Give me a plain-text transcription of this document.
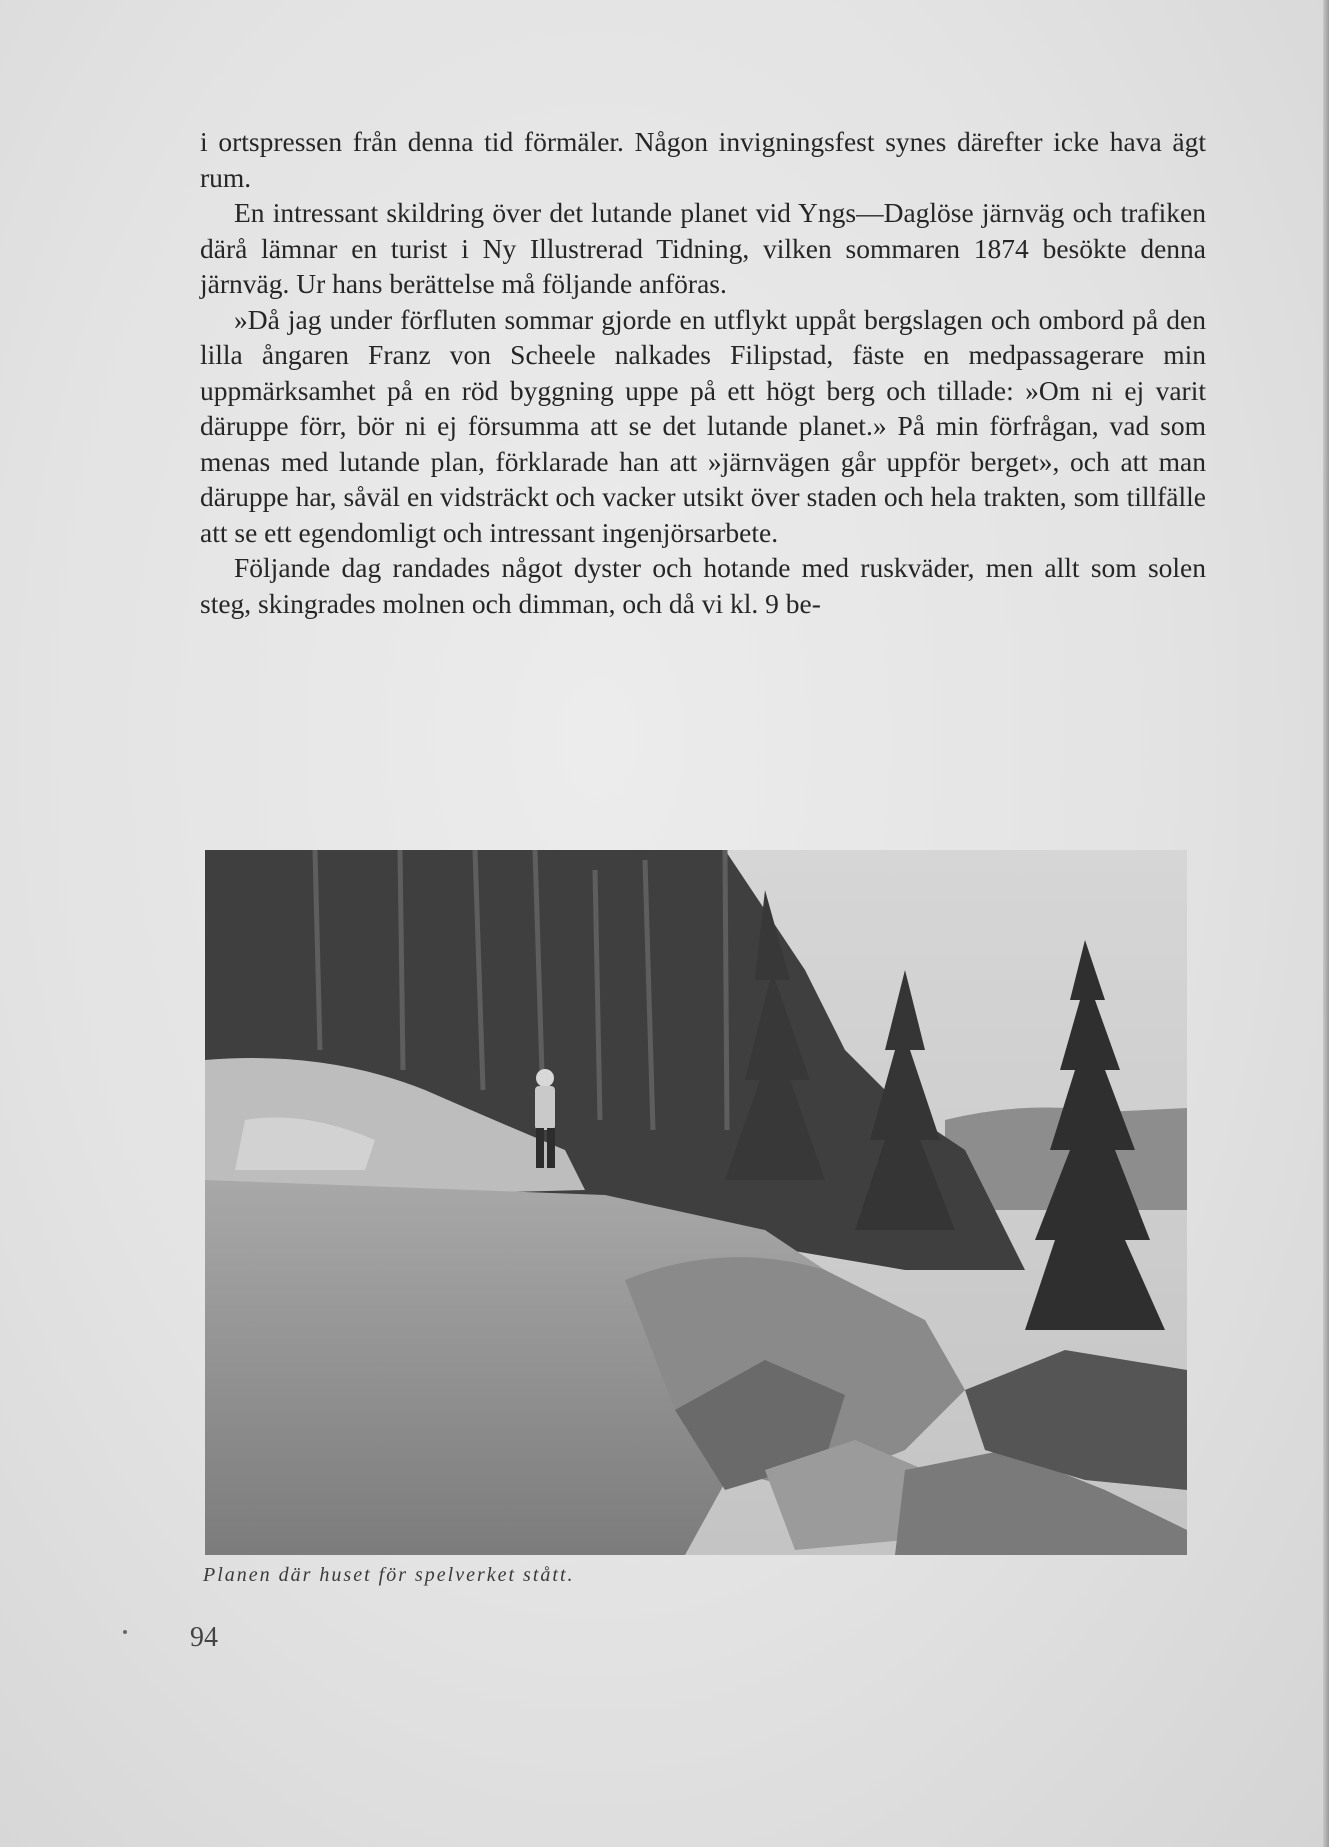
i ortspressen från denna tid förmäler. Någon invigningsfest synes därefter icke hava ägt rum.

En intressant skildring över det lutande planet vid Yngs—Daglöse järnväg och trafiken därå lämnar en turist i Ny Illustrerad Tidning, vilken sommaren 1874 besökte denna järnväg. Ur hans berättelse må följande anföras.

»Då jag under förfluten sommar gjorde en utflykt uppåt bergslagen och ombord på den lilla ångaren Franz von Scheele nalkades Filipstad, fäste en medpassagerare min uppmärksamhet på en röd byggning uppe på ett högt berg och tillade: »Om ni ej varit däruppe förr, bör ni ej försumma att se det lutande planet.» På min förfrågan, vad som menas med lutande plan, förklarade han att »järnvägen går uppför berget», och att man däruppe har, såväl en vidsträckt och vacker utsikt över staden och hela trakten, som tillfälle att se ett egendomligt och intressant ingenjörsarbete.

Följande dag randades något dyster och hotande med ruskväder, men allt som solen steg, skingrades molnen och dimman, och då vi kl. 9 be-

Planen där huset för spelverket stått.
94
